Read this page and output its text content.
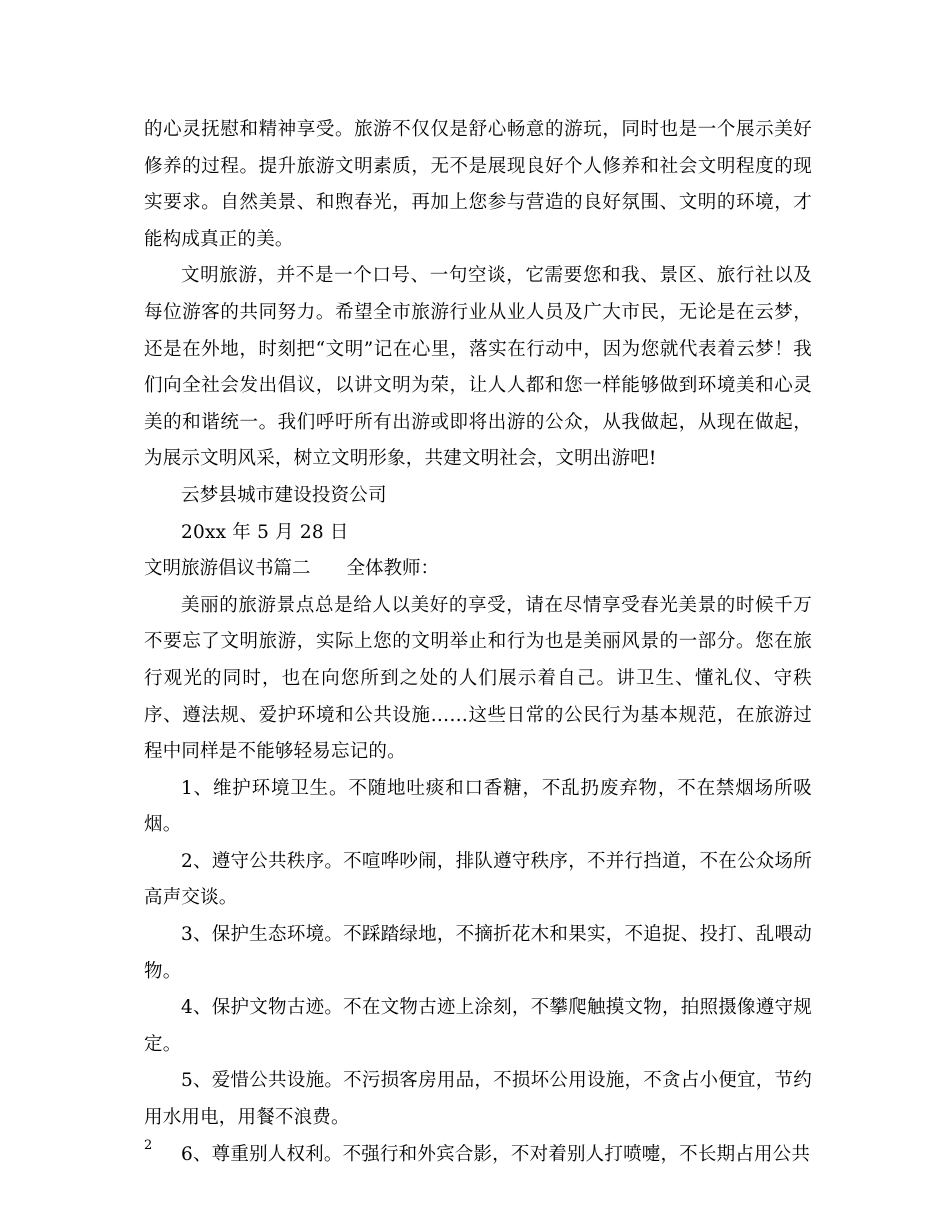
的心灵抚慰和精神享受。旅游不仅仅是舒心畅意的游玩，同时也是一个展示美好修养的过程。提升旅游文明素质，无不是展现良好个人修养和社会文明程度的现实要求。自然美景、和煦春光，再加上您参与营造的良好氛围、文明的环境，才能构成真正的美。

文明旅游，并不是一个口号、一句空谈，它需要您和我、景区、旅行社以及每位游客的共同努力。希望全市旅游行业从业人员及广大市民，无论是在云梦，还是在外地，时刻把“文明”记在心里，落实在行动中，因为您就代表着云梦！我们向全社会发出倡议，以讲文明为荣，让人人都和您一样能够做到环境美和心灵美的和谐统一。我们呼吁所有出游或即将出游的公众，从我做起，从现在做起，为展示文明风采，树立文明形象，共建文明社会，文明出游吧!

云梦县城市建设投资公司

20xx 年 5 月 28 日

文明旅游倡议书篇二 全体教师：

美丽的旅游景点总是给人以美好的享受，请在尽情享受春光美景的时候千万不要忘了文明旅游，实际上您的文明举止和行为也是美丽风景的一部分。您在旅行观光的同时，也在向您所到之处的人们展示着自己。讲卫生、懂礼仪、守秩序、遵法规、爱护环境和公共设施……这些日常的公民行为基本规范，在旅游过程中同样是不能够轻易忘记的。

1、维护环境卫生。不随地吐痰和口香糖，不乱扔废弃物，不在禁烟场所吸烟。

2、遵守公共秩序。不喧哗吵闹，排队遵守秩序，不并行挡道，不在公众场所高声交谈。

3、保护生态环境。不踩踏绿地，不摘折花木和果实，不追捉、投打、乱喂动物。

4、保护文物古迹。不在文物古迹上涂刻，不攀爬触摸文物，拍照摄像遵守规定。

5、爱惜公共设施。不污损客房用品，不损坏公用设施，不贪占小便宜，节约用水用电，用餐不浪费。

6、尊重别人权利。不强行和外宾合影，不对着别人打喷嚏，不长期占用公共

2
